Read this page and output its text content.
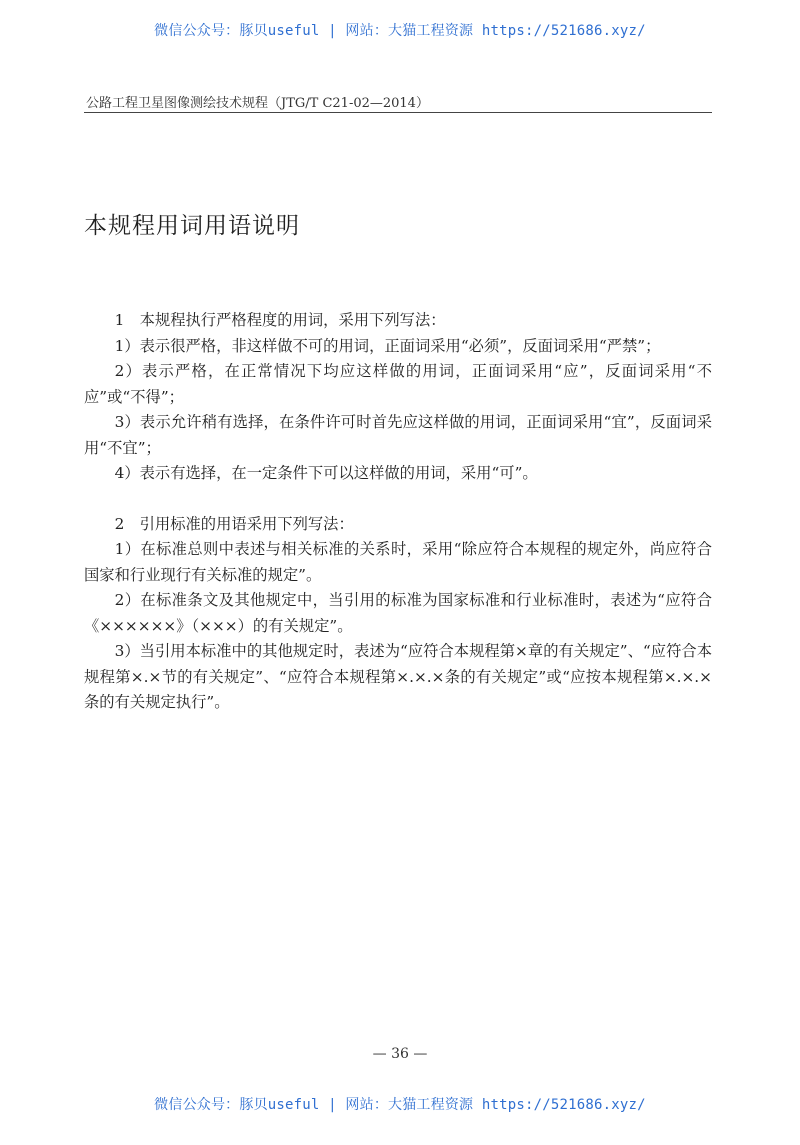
微信公众号：豚贝useful | 网站：大猫工程资源 https://521686.xyz/
公路工程卫星图像测绘技术规程（JTG/T C21-02—2014）
本规程用词用语说明

1　本规程执行严格程度的用词，采用下列写法：

1）表示很严格，非这样做不可的用词，正面词采用“必须”，反面词采用“严禁”；

2）表示严格，在正常情况下均应这样做的用词，正面词采用“应”，反面词采用“不应”或“不得”；

3）表示允许稍有选择，在条件许可时首先应这样做的用词，正面词采用“宜”，反面词采用“不宜”；

4）表示有选择，在一定条件下可以这样做的用词，采用“可”。

2　引用标准的用语采用下列写法：

1）在标准总则中表述与相关标准的关系时，采用“除应符合本规程的规定外，尚应符合国家和行业现行有关标准的规定”。

2）在标准条文及其他规定中，当引用的标准为国家标准和行业标准时，表述为“应符合《××××××》（×××）的有关规定”。

3）当引用本标准中的其他规定时，表述为“应符合本规程第×章的有关规定”、“应符合本规程第×.×节的有关规定”、“应符合本规程第×.×.×条的有关规定”或“应按本规程第×.×.×条的有关规定执行”。

— 36 —
微信公众号：豚贝useful | 网站：大猫工程资源 https://521686.xyz/
